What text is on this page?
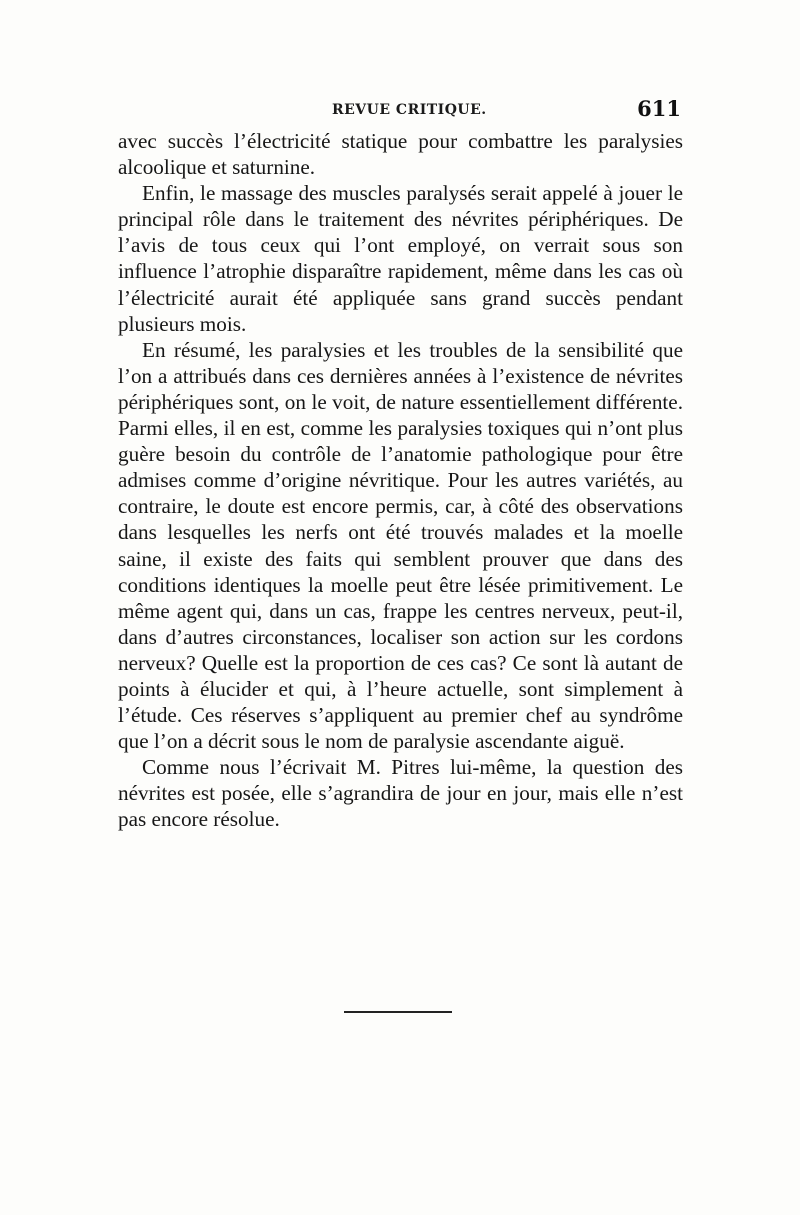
REVUE CRITIQUE.	611

avec succès l’électricité statique pour combattre les paralysies alcoolique et saturnine.

Enfin, le massage des muscles paralysés serait appelé à jouer le principal rôle dans le traitement des névrites périphériques. De l’avis de tous ceux qui l’ont employé, on verrait sous son influence l’atrophie disparaître rapidement, même dans les cas où l’électricité aurait été appliquée sans grand succès pendant plusieurs mois.

En résumé, les paralysies et les troubles de la sensibilité que l’on a attribués dans ces dernières années à l’existence de névrites périphériques sont, on le voit, de nature essentiellement différente. Parmi elles, il en est, comme les paralysies toxiques qui n’ont plus guère besoin du contrôle de l’anatomie pathologique pour être admises comme d’origine névritique. Pour les autres variétés, au contraire, le doute est encore permis, car, à côté des observations dans lesquelles les nerfs ont été trouvés malades et la moelle saine, il existe des faits qui semblent prouver que dans des conditions identiques la moelle peut être lésée primitivement. Le même agent qui, dans un cas, frappe les centres nerveux, peut-il, dans d’autres circonstances, localiser son action sur les cordons nerveux? Quelle est la proportion de ces cas? Ce sont là autant de points à élucider et qui, à l’heure actuelle, sont simplement à l’étude. Ces réserves s’appliquent au premier chef au syndrôme que l’on a décrit sous le nom de paralysie ascendante aiguë.

Comme nous l’écrivait M. Pitres lui-même, la question des névrites est posée, elle s’agrandira de jour en jour, mais elle n’est pas encore résolue.
